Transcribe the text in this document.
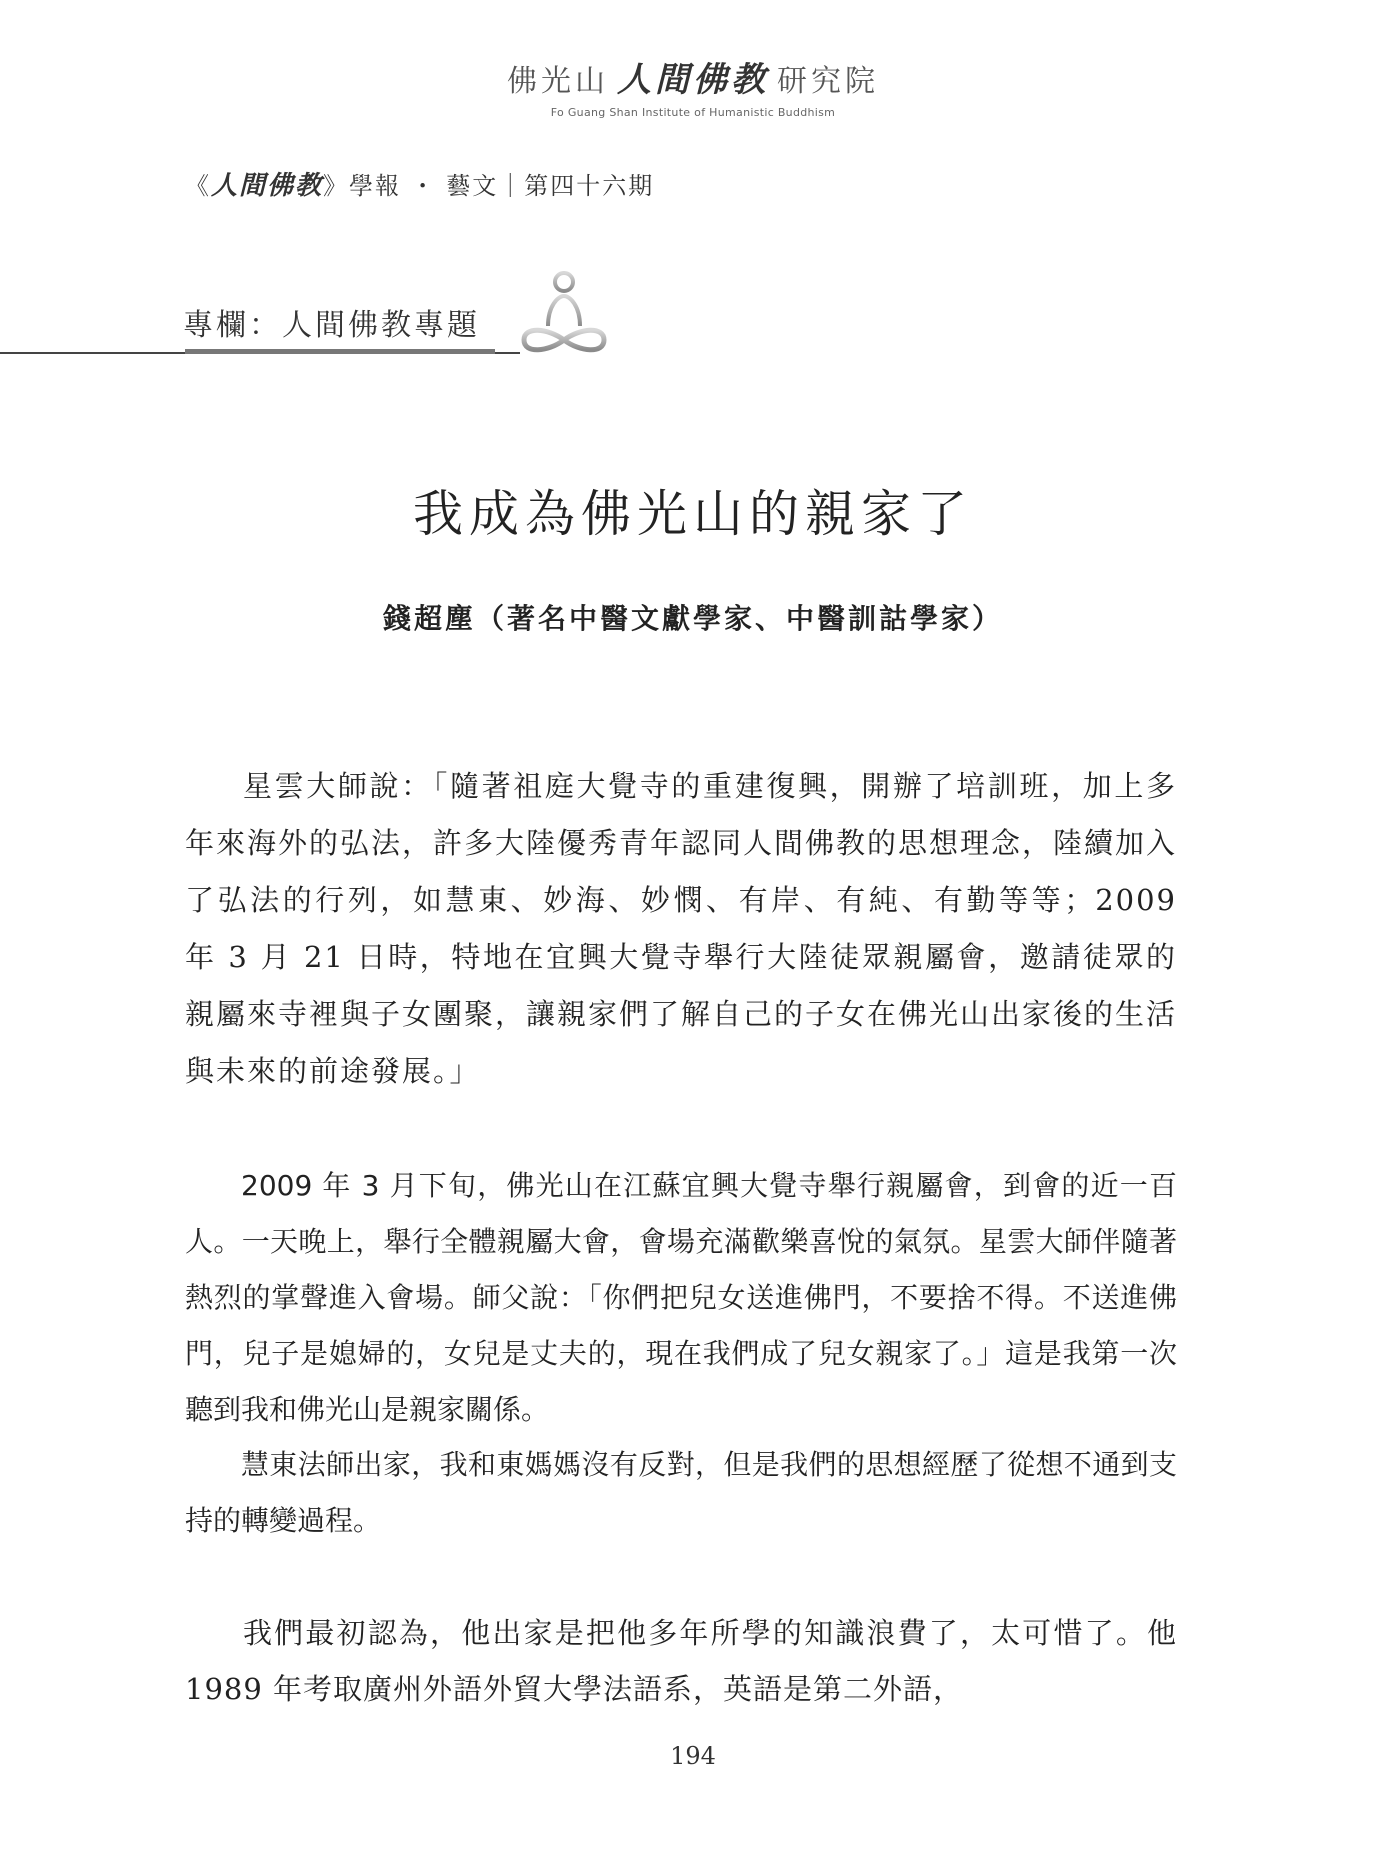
佛光山 人間佛教 研究院
Fo Guang Shan Institute of Humanistic Buddhism
《人間佛教》學報 ・ 藝文｜第四十六期
專欄：人間佛教專題
我成為佛光山的親家了
錢超塵（著名中醫文獻學家、中醫訓詁學家）

星雲大師說：「隨著祖庭大覺寺的重建復興，開辦了培訓班，加上多年來海外的弘法，許多大陸優秀青年認同人間佛教的思想理念，陸續加入了弘法的行列，如慧東、妙海、妙憫、有岸、有純、有勤等等；2009 年 3 月 21 日時，特地在宜興大覺寺舉行大陸徒眾親屬會，邀請徒眾的親屬來寺裡與子女團聚，讓親家們了解自己的子女在佛光山出家後的生活與未來的前途發展。」

2009 年 3 月下旬，佛光山在江蘇宜興大覺寺舉行親屬會，到會的近一百人。一天晚上，舉行全體親屬大會，會場充滿歡樂喜悅的氣氛。星雲大師伴隨著熱烈的掌聲進入會場。師父說：「你們把兒女送進佛門，不要捨不得。不送進佛門，兒子是媳婦的，女兒是丈夫的，現在我們成了兒女親家了。」這是我第一次聽到我和佛光山是親家關係。

慧東法師出家，我和東媽媽沒有反對，但是我們的思想經歷了從想不通到支持的轉變過程。

我們最初認為，他出家是把他多年所學的知識浪費了，太可惜了。他 1989 年考取廣州外語外貿大學法語系，英語是第二外語，

194
